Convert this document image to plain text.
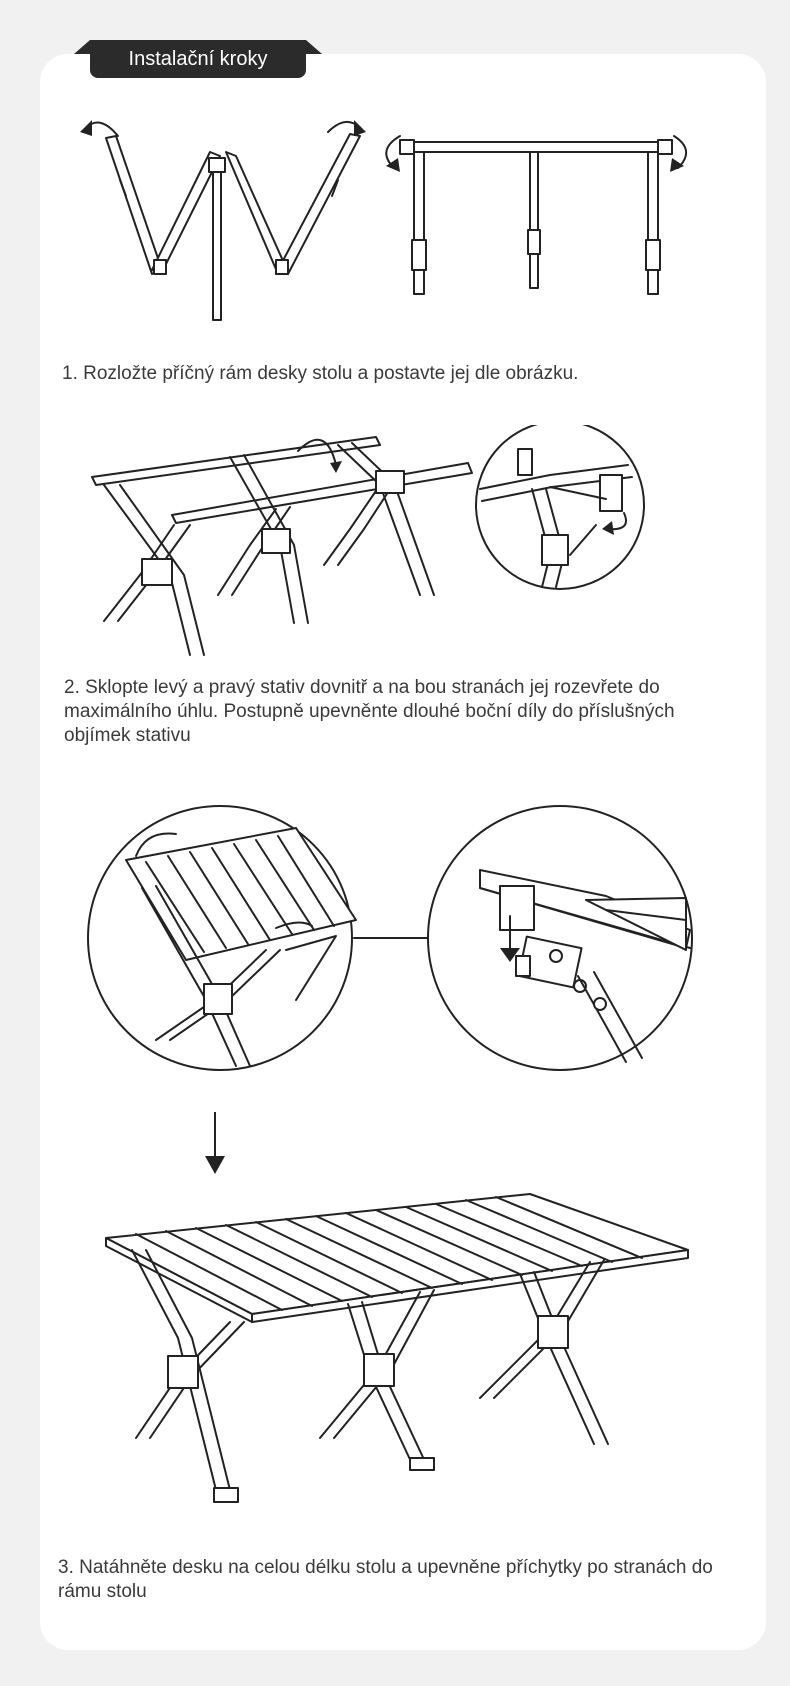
Instalační kroky
1. Rozložte příčný rám desky stolu a postavte jej dle obrázku.
2. Sklopte levý a pravý stativ dovnitř a na bou stranách jej rozevřete do maximálního úhlu. Postupně upevněnte dlouhé boční díly do příslušných objímek stativu
3. Natáhněte desku na celou délku stolu a upevněne příchytky po stranách do rámu stolu
